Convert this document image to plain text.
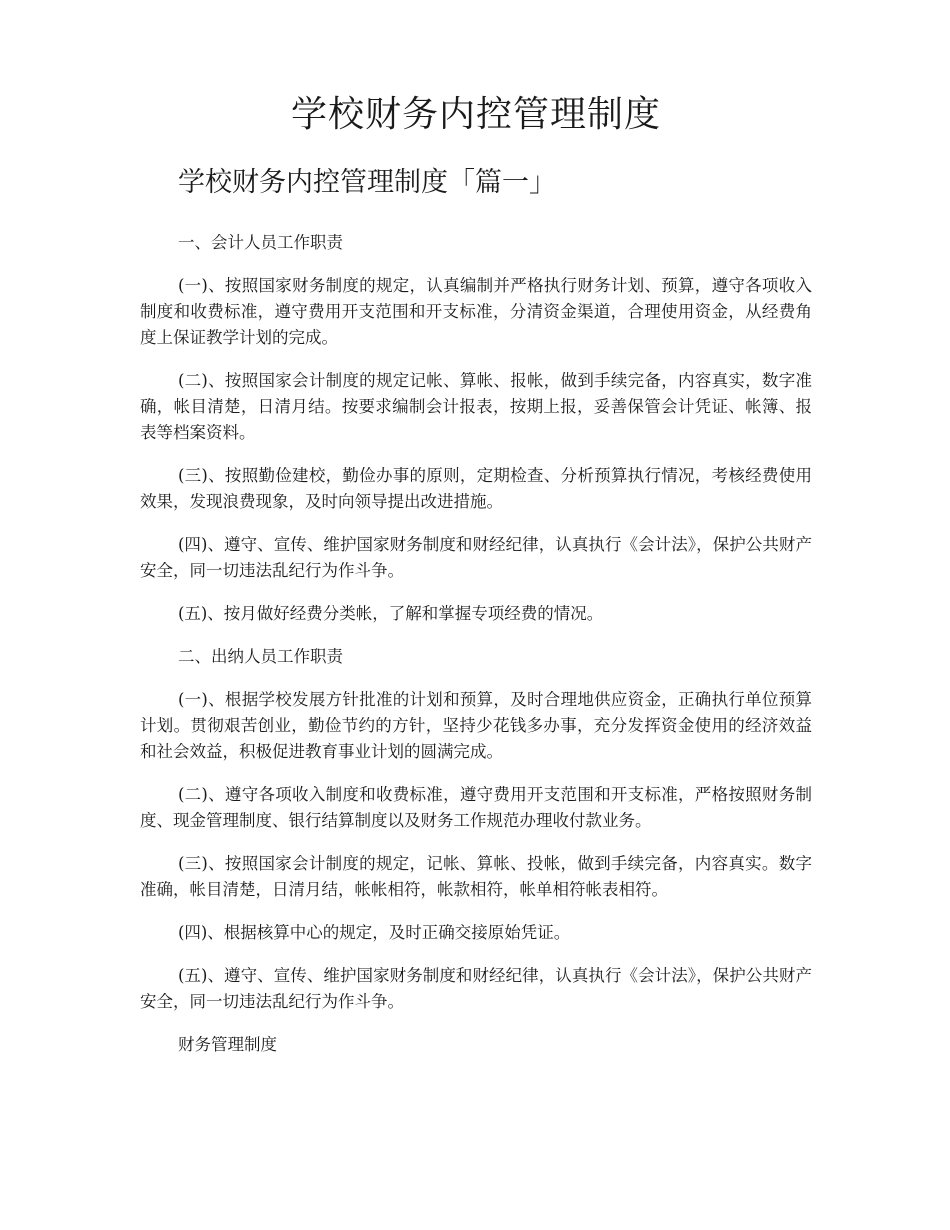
学校财务内控管理制度
学校财务内控管理制度「篇一」

一、会计人员工作职责

(一)、按照国家财务制度的规定，认真编制并严格执行财务计划、预算，遵守各项收入制度和收费标准，遵守费用开支范围和开支标准，分清资金渠道，合理使用资金，从经费角度上保证教学计划的完成。

(二)、按照国家会计制度的规定记帐、算帐、报帐，做到手续完备，内容真实，数字准确，帐目清楚，日清月结。按要求编制会计报表，按期上报，妥善保管会计凭证、帐簿、报表等档案资料。

(三)、按照勤俭建校，勤俭办事的原则，定期检查、分析预算执行情况，考核经费使用效果，发现浪费现象，及时向领导提出改进措施。

(四)、遵守、宣传、维护国家财务制度和财经纪律，认真执行《会计法》，保护公共财产安全，同一切违法乱纪行为作斗争。

(五)、按月做好经费分类帐，了解和掌握专项经费的情况。

二、出纳人员工作职责

(一)、根据学校发展方针批准的计划和预算，及时合理地供应资金，正确执行单位预算计划。贯彻艰苦创业，勤俭节约的方针，坚持少花钱多办事，充分发挥资金使用的经济效益和社会效益，积极促进教育事业计划的圆满完成。

(二)、遵守各项收入制度和收费标准，遵守费用开支范围和开支标准，严格按照财务制度、现金管理制度、银行结算制度以及财务工作规范办理收付款业务。

(三)、按照国家会计制度的规定，记帐、算帐、投帐，做到手续完备，内容真实。数字准确，帐目清楚，日清月结，帐帐相符，帐款相符，帐单相符帐表相符。

(四)、根据核算中心的规定，及时正确交接原始凭证。

(五)、遵守、宣传、维护国家财务制度和财经纪律，认真执行《会计法》，保护公共财产安全，同一切违法乱纪行为作斗争。

财务管理制度
